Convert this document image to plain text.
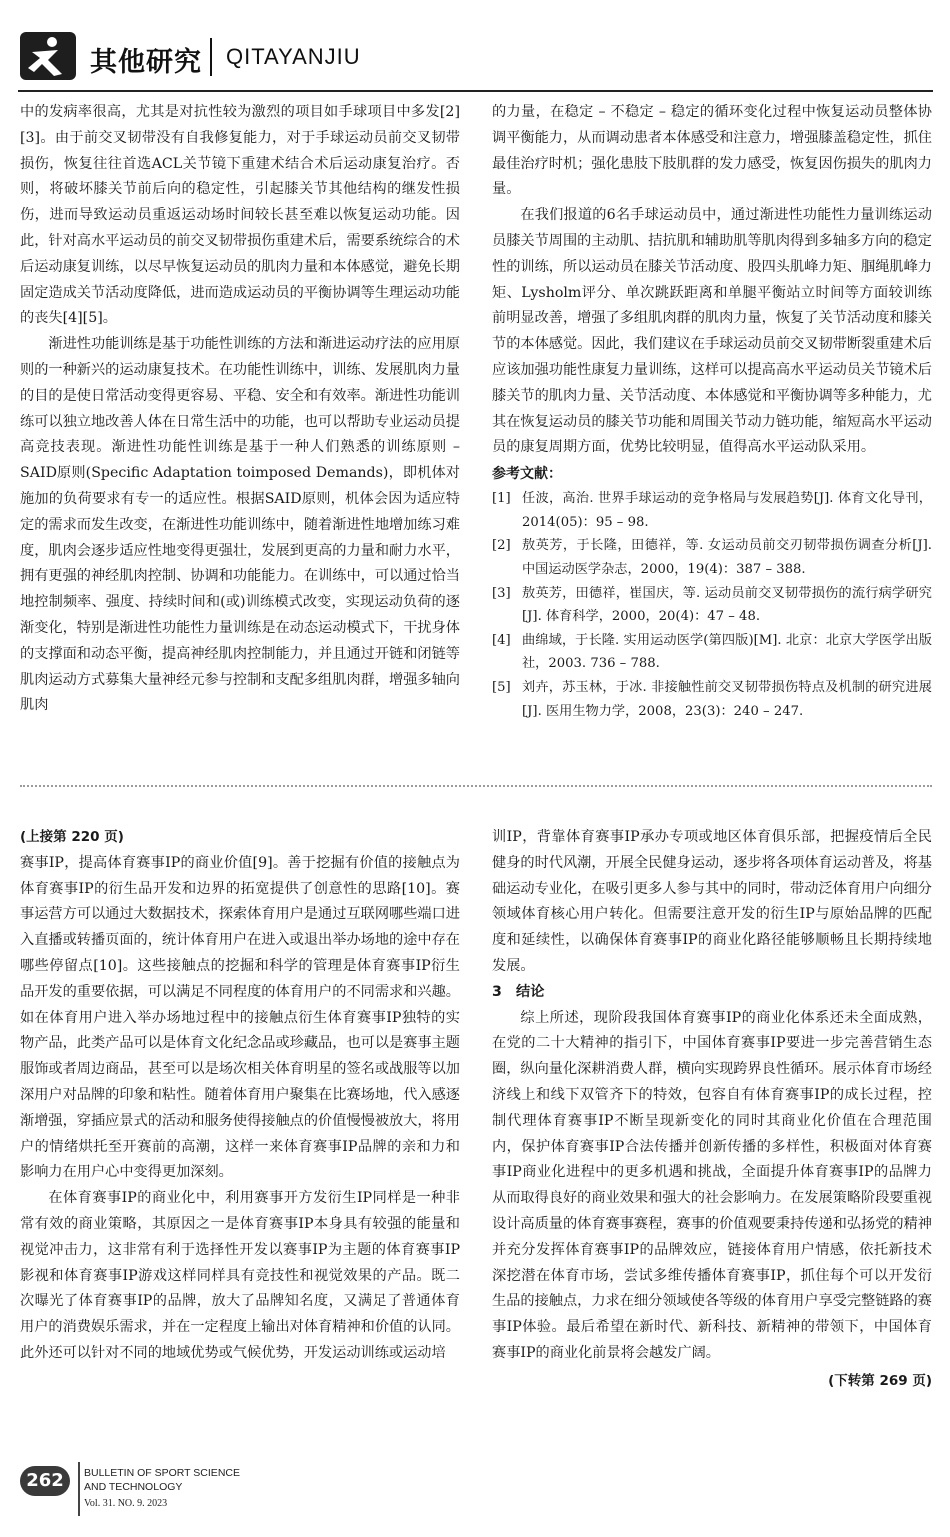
其他研究 QITAYANJIU

中的发病率很高，尤其是对抗性较为激烈的项目如手球项目中多发[2][3]。由于前交叉韧带没有自我修复能力，对于手球运动员前交叉韧带损伤，恢复往往首选ACL关节镜下重建术结合术后运动康复治疗。否则，将破坏膝关节前后向的稳定性，引起膝关节其他结构的继发性损伤，进而导致运动员重返运动场时间较长甚至难以恢复运动功能。因此，针对高水平运动员的前交叉韧带损伤重建术后，需要系统综合的术后运动康复训练，以尽早恢复运动员的肌肉力量和本体感觉，避免长期固定造成关节活动度降低，进而造成运动员的平衡协调等生理运动功能的丧失[4][5]。

渐进性功能训练是基于功能性训练的方法和渐进运动疗法的应用原则的一种新兴的运动康复技术。在功能性训练中，训练、发展肌肉力量的目的是使日常活动变得更容易、平稳、安全和有效率。渐进性功能训练可以独立地改善人体在日常生活中的功能，也可以帮助专业运动员提高竞技表现。渐进性功能性训练是基于一种人们熟悉的训练原则 – SAID原则(Specific Adaptation toimposed Demands)，即机体对施加的负荷要求有专一的适应性。根据SAID原则，机体会因为适应特定的需求而发生改变，在渐进性功能训练中，随着渐进性地增加练习难度，肌肉会逐步适应性地变得更强壮，发展到更高的力量和耐力水平，拥有更强的神经肌肉控制、协调和功能能力。在训练中，可以通过恰当地控制频率、强度、持续时间和(或)训练模式改变，实现运动负荷的逐渐变化，特别是渐进性功能性力量训练是在动态运动模式下，干扰身体的支撑面和动态平衡，提高神经肌肉控制能力，并且通过开链和闭链等肌肉运动方式募集大量神经元参与控制和支配多组肌肉群，增强多轴向肌肉

的力量，在稳定 – 不稳定 – 稳定的循环变化过程中恢复运动员整体协调平衡能力，从而调动患者本体感受和注意力，增强膝盖稳定性，抓住最佳治疗时机；强化患肢下肢肌群的发力感受，恢复因伤损失的肌肉力量。

在我们报道的6名手球运动员中，通过渐进性功能性力量训练运动员膝关节周围的主动肌、拮抗肌和辅助肌等肌肉得到多轴多方向的稳定性的训练，所以运动员在膝关节活动度、股四头肌峰力矩、腘绳肌峰力矩、Lysholm评分、单次跳跃距离和单腿平衡站立时间等方面较训练前明显改善，增强了多组肌肉群的肌肉力量，恢复了关节活动度和膝关节的本体感觉。因此，我们建议在手球运动员前交叉韧带断裂重建术后应该加强功能性康复力量训练，这样可以提高高水平运动员关节镜术后膝关节的肌肉力量、关节活动度、本体感觉和平衡协调等多种能力，尤其在恢复运动员的膝关节功能和周围关节动力链功能，缩短高水平运动员的康复周期方面，优势比较明显，值得高水平运动队采用。

参考文献：
[1] 任波，高治. 世界手球运动的竞争格局与发展趋势[J]. 体育文化导刊，2014(05)：95 – 98.
[2] 敖英芳，于长隆，田德祥，等. 女运动员前交刃韧带损伤调查分析[J]. 中国运动医学杂志，2000，19(4)：387 – 388.
[3] 敖英芳，田德祥，崔国庆，等. 运动员前交叉韧带损伤的流行病学研究[J]. 体育科学，2000，20(4)：47 – 48.
[4] 曲绵域，于长隆. 实用运动医学(第四版)[M]. 北京：北京大学医学出版社，2003. 736 – 788.
[5] 刘卉，苏玉林，于冰. 非接触性前交叉韧带损伤特点及机制的研究进展[J]. 医用生物力学，2008，23(3)：240 – 247.
(上接第 220 页)

赛事IP，提高体育赛事IP的商业价值[9]。善于挖掘有价值的接触点为体育赛事IP的衍生品开发和边界的拓宽提供了创意性的思路[10]。赛事运营方可以通过大数据技术，探索体育用户是通过互联网哪些端口进入直播或转播页面的，统计体育用户在进入或退出举办场地的途中存在哪些停留点[10]。这些接触点的挖掘和科学的管理是体育赛事IP衍生品开发的重要依据，可以满足不同程度的体育用户的不同需求和兴趣。如在体育用户进入举办场地过程中的接触点衍生体育赛事IP独特的实物产品，此类产品可以是体育文化纪念品或珍藏品，也可以是赛事主题服饰或者周边商品，甚至可以是场次相关体育明星的签名或战服等以加深用户对品牌的印象和粘性。随着体育用户聚集在比赛场地，代入感逐渐增强，穿插应景式的活动和服务使得接触点的价值慢慢被放大，将用户的情绪烘托至开赛前的高潮，这样一来体育赛事IP品牌的亲和力和影响力在用户心中变得更加深刻。

在体育赛事IP的商业化中，利用赛事开方发衍生IP同样是一种非常有效的商业策略，其原因之一是体育赛事IP本身具有较强的能量和视觉冲击力，这非常有利于选择性开发以赛事IP为主题的体育赛事IP影视和体育赛事IP游戏这样同样具有竞技性和视觉效果的产品。既二次曝光了体育赛事IP的品牌，放大了品牌知名度，又满足了普通体育用户的消费娱乐需求，并在一定程度上输出对体育精神和价值的认同。此外还可以针对不同的地域优势或气候优势，开发运动训练或运动培

训IP，背靠体育赛事IP承办专项或地区体育俱乐部，把握疫情后全民健身的时代风潮，开展全民健身运动，逐步将各项体育运动普及，将基础运动专业化，在吸引更多人参与其中的同时，带动泛体育用户向细分领域体育核心用户转化。但需要注意开发的衍生IP与原始品牌的匹配度和延续性，以确保体育赛事IP的商业化路径能够顺畅且长期持续地发展。

3　结论

综上所述，现阶段我国体育赛事IP的商业化体系还未全面成熟，在党的二十大精神的指引下，中国体育赛事IP要进一步完善营销生态圈，纵向量化深耕消费人群，横向实现跨界良性循环。展示体育市场经济线上和线下双管齐下的特效，包容自有体育赛事IP的成长过程，控制代理体育赛事IP不断呈现新变化的同时其商业化价值在合理范围内，保护体育赛事IP合法传播并创新传播的多样性，积极面对体育赛事IP商业化进程中的更多机遇和挑战，全面提升体育赛事IP的品牌力从而取得良好的商业效果和强大的社会影响力。在发展策略阶段要重视设计高质量的体育赛事赛程，赛事的价值观要秉持传递和弘扬党的精神并充分发挥体育赛事IP的品牌效应，链接体育用户情感，依托新技术深挖潜在体育市场，尝试多维传播体育赛事IP，抓住每个可以开发衍生品的接触点，力求在细分领域使各等级的体育用户享受完整链路的赛事IP体验。最后希望在新时代、新科技、新精神的带领下，中国体育赛事IP的商业化前景将会越发广阔。

(下转第 269 页)
262	BULLETIN OF SPORT SCIENCE
AND TECHNOLOGY
Vol. 31. NO. 9. 2023
